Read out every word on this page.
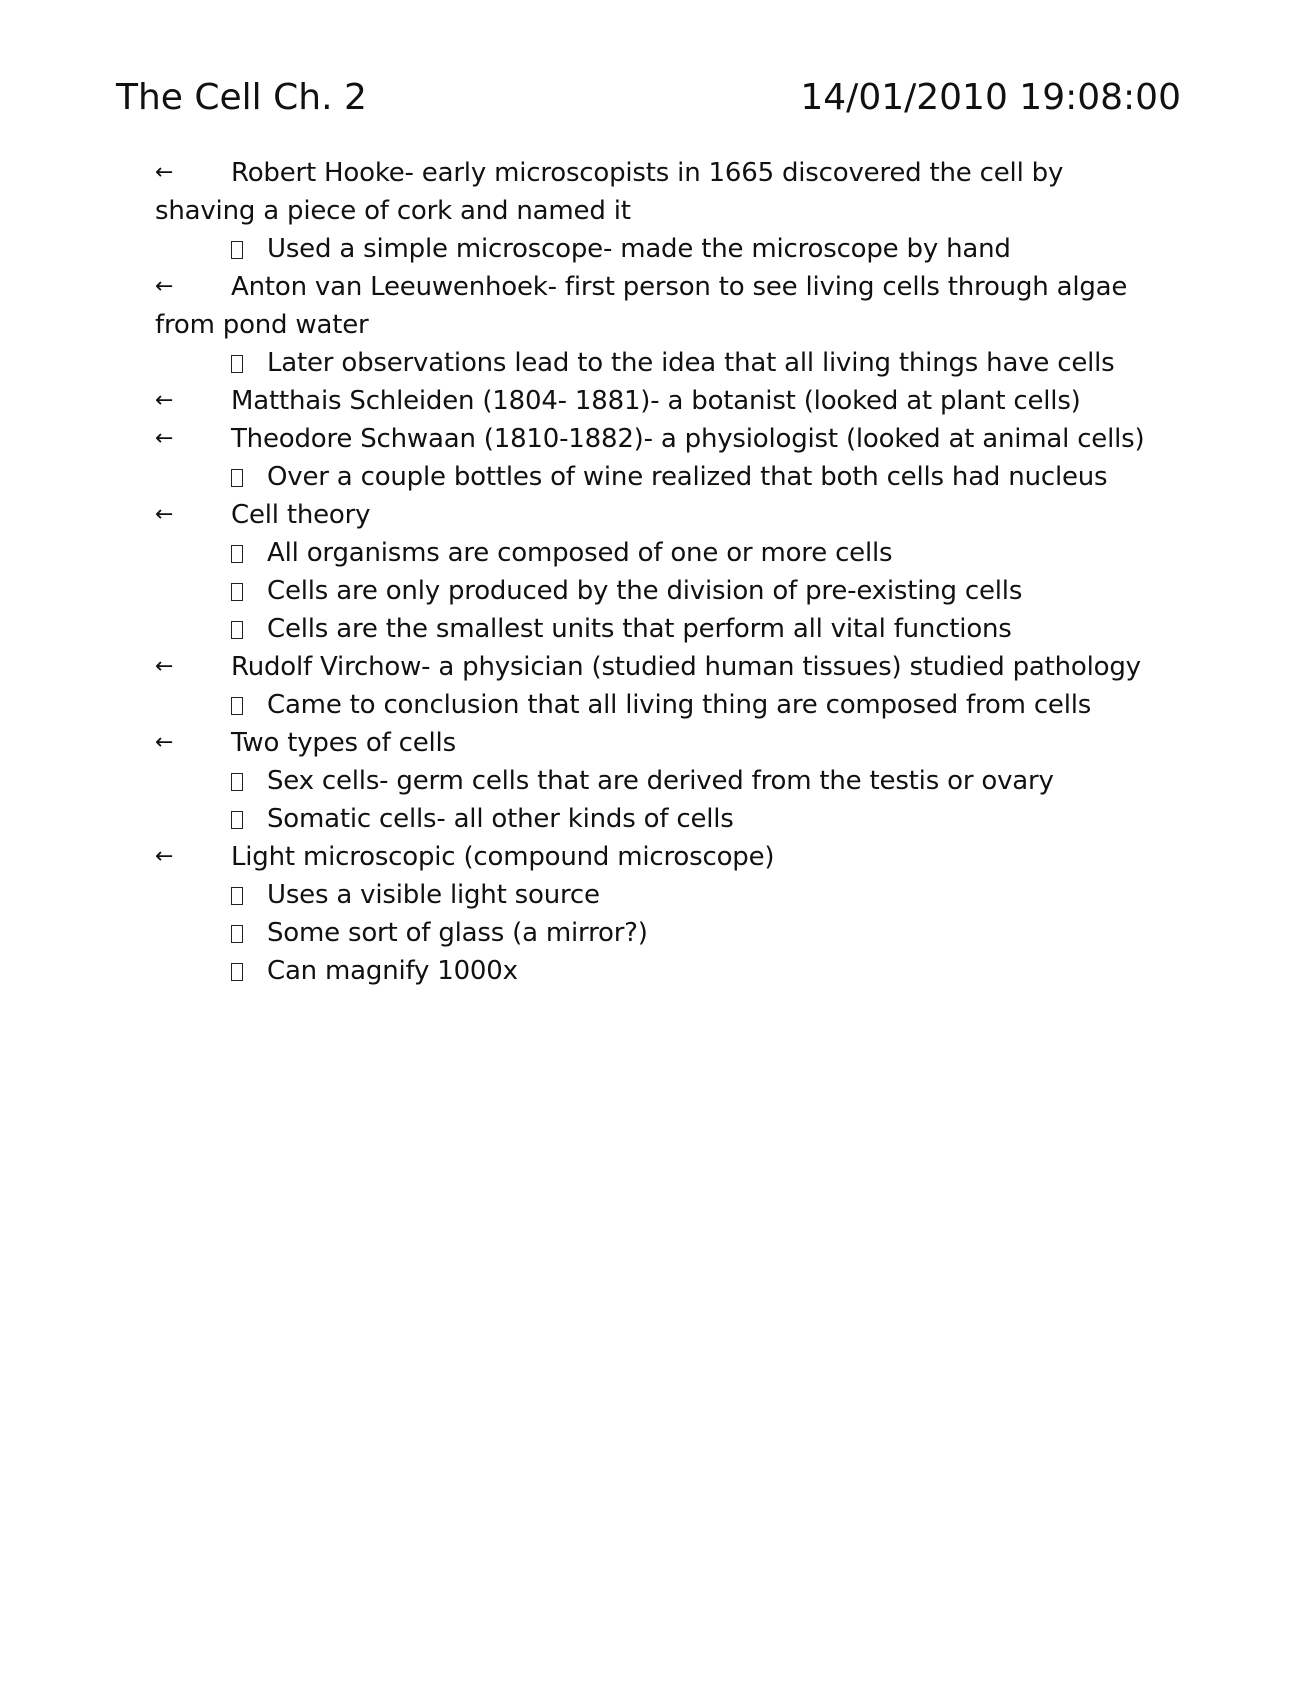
The Cell Ch. 2	14/01/2010 19:08:00
←	Robert Hooke- early microscopists in 1665 discovered the cell by shaving a piece of cork and named it
Used a simple microscope- made the microscope by hand
←	Anton van Leeuwenhoek- first person to see living cells through algae from pond water
Later observations lead to the idea that all living things have cells
←	Matthais Schleiden (1804- 1881)- a botanist (looked at plant cells)
←	Theodore Schwaan (1810-1882)- a physiologist (looked at animal cells)
Over a couple bottles of wine realized that both cells had nucleus
←	Cell theory
All organisms are composed of one or more cells
Cells are only produced by the division of pre-existing cells
Cells are the smallest units that perform all vital functions
←	Rudolf Virchow- a physician (studied human tissues) studied pathology
Came to conclusion that all living thing are composed from cells
←	Two types of cells
Sex cells- germ cells that are derived from the testis or ovary
Somatic cells- all other kinds of cells
←	Light microscopic (compound microscope)
Uses a visible light source
Some sort of glass (a mirror?)
Can magnify 1000x
